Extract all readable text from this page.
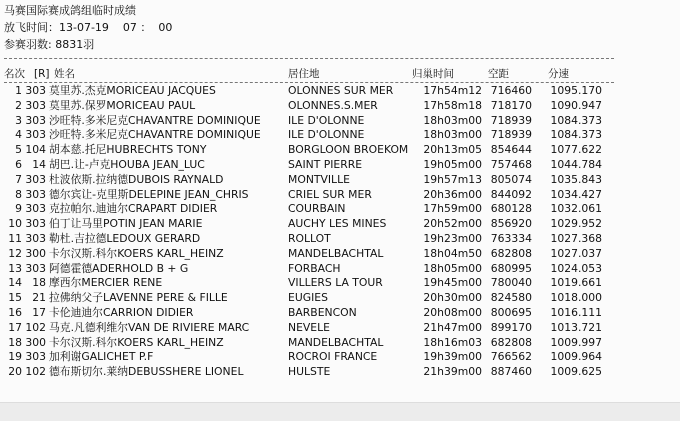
马赛国际赛成鸽组临时成绩
放飞时间：13-07-19    07 ：  00
参赛羽数: 8831羽
名次 [R] 姓名	居住地	归巢时间	空距	分速
1 303 莫里苏.杰克MORICEAU JACQUES	OLONNES SUR MER	17h54m12 716460	1095.170
2 303 莫里苏.保罗MORICEAU PAUL	OLONNES.S.MER	17h58m18 718170	1090.947
3 303 沙旺特.多米尼克CHAVANTRE DOMINIQUE	ILE D'OLONNE	18h03m00 718939	1084.373
4 303 沙旺特.多米尼克CHAVANTRE DOMINIQUE	ILE D'OLONNE	18h03m00 718939	1084.373
5 104 胡本慈.托尼HUBRECHTS TONY	BORGLOON BROEKOM	20h13m05 854644	1077.622
6 14 胡巴.让-卢克HOUBA JEAN_LUC	SAINT PIERRE	19h05m00 757468	1044.784
7 303 杜波依斯.拉纳德DUBOIS RAYNALD	MONTVILLE	19h57m13 805074	1035.843
8 303 德尔宾让-克里斯DELEPINE JEAN_CHRIS	CRIEL SUR MER	20h36m00 844092	1034.427
9 303 克拉帕尔.迪迪尔CRAPART DIDIER	COURBAIN	17h59m00 680128	1032.061
10 303 伯丁让马里POTIN JEAN MARIE	AUCHY LES MINES	20h52m00 856920	1029.952
11 303 勒杜.吉拉德LEDOUX GERARD	ROLLOT	19h23m00 763334	1027.368
12 300 卡尔汉斯.科尔KOERS KARL_HEINZ	MANDELBACHTAL	18h04m50 682808	1027.037
13 303 阿德霍德ADERHOLD B + G	FORBACH	18h05m00 680995	1024.053
14 18 摩西尔MERCIER RENE	VILLERS LA TOUR	19h45m00 780040	1019.661
15 21 拉佛纳父子LAVENNE PERE & FILLE	EUGIES	20h30m00 824580	1018.000
16 17 卡伦迪迪尔CARRION DIDIER	BARBENCON	20h08m00 800695	1016.111
17 102 马克.凡德利维尔VAN DE RIVIERE MARC	NEVELE	21h47m00 899170	1013.721
18 300 卡尔汉斯.科尔KOERS KARL_HEINZ	MANDELBACHTAL	18h16m03 682808	1009.997
19 303 加利谢GALICHET P.F	ROCROI FRANCE	19h39m00 766562	1009.964
20 102 德布斯切尔.莱纳DEBUSSHERE LIONEL	HULSTE	21h39m00 887460	1009.625
